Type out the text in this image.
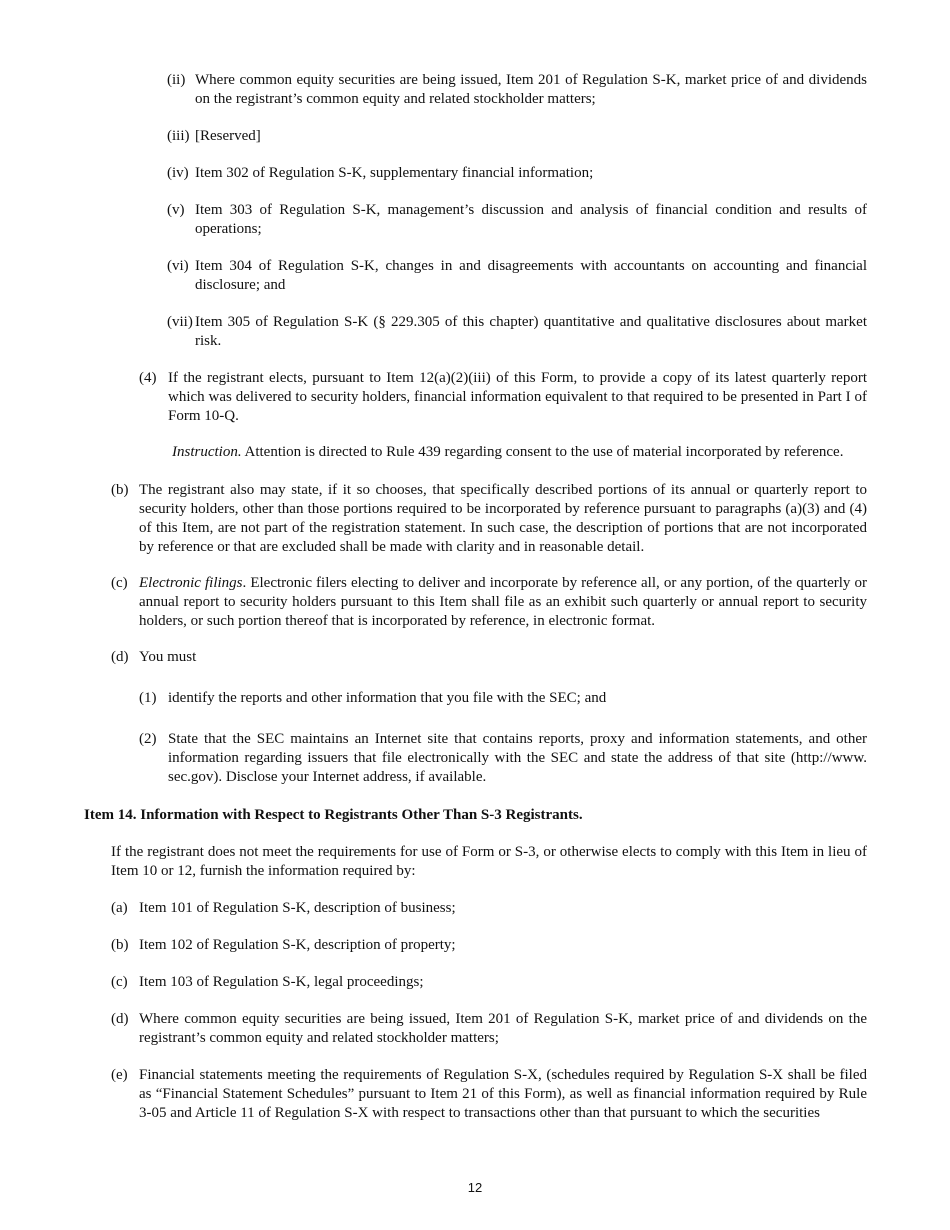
(ii) Where common equity securities are being issued, Item 201 of Regulation S-K, market price of and dividends on the registrant’s common equity and related stockholder matters;
(iii) [Reserved]
(iv) Item 302 of Regulation S-K, supplementary financial information;
(v) Item 303 of Regulation S-K, management’s discussion and analysis of financial condition and results of operations;
(vi) Item 304 of Regulation S-K, changes in and disagreements with accountants on accounting and financial disclosure; and
(vii) Item 305 of Regulation S-K (§ 229.305 of this chapter) quantitative and qualitative disclosures about market risk.
(4) If the registrant elects, pursuant to Item 12(a)(2)(iii) of this Form, to provide a copy of its latest quarterly report which was delivered to security holders, financial information equivalent to that required to be presented in Part I of Form 10-Q.
Instruction. Attention is directed to Rule 439 regarding consent to the use of material incorporated by reference.
(b) The registrant also may state, if it so chooses, that specifically described portions of its annual or quarterly report to security holders, other than those portions required to be incorporated by reference pursuant to paragraphs (a)(3) and (4) of this Item, are not part of the registration statement. In such case, the description of portions that are not incorporated by reference or that are excluded shall be made with clarity and in reasonable detail.
(c) Electronic filings. Electronic filers electing to deliver and incorporate by reference all, or any portion, of the quarterly or annual report to security holders pursuant to this Item shall file as an exhibit such quarterly or annual report to security holders, or such portion thereof that is incorporated by reference, in electronic format.
(d) You must
(1) identify the reports and other information that you file with the SEC; and
(2) State that the SEC maintains an Internet site that contains reports, proxy and information statements, and other information regarding issuers that file electronically with the SEC and state the address of that site (http://www. sec.gov). Disclose your Internet address, if available.
Item 14. Information with Respect to Registrants Other Than S-3 Registrants.
If the registrant does not meet the requirements for use of Form or S-3, or otherwise elects to comply with this Item in lieu of Item 10 or 12, furnish the information required by:
(a) Item 101 of Regulation S-K, description of business;
(b) Item 102 of Regulation S-K, description of property;
(c) Item 103 of Regulation S-K, legal proceedings;
(d) Where common equity securities are being issued, Item 201 of Regulation S-K, market price of and dividends on the registrant’s common equity and related stockholder matters;
(e) Financial statements meeting the requirements of Regulation S-X, (schedules required by Regulation S-X shall be filed as “Financial Statement Schedules” pursuant to Item 21 of this Form), as well as financial information required by Rule 3-05 and Article 11 of Regulation S-X with respect to transactions other than that pursuant to which the securities
12
